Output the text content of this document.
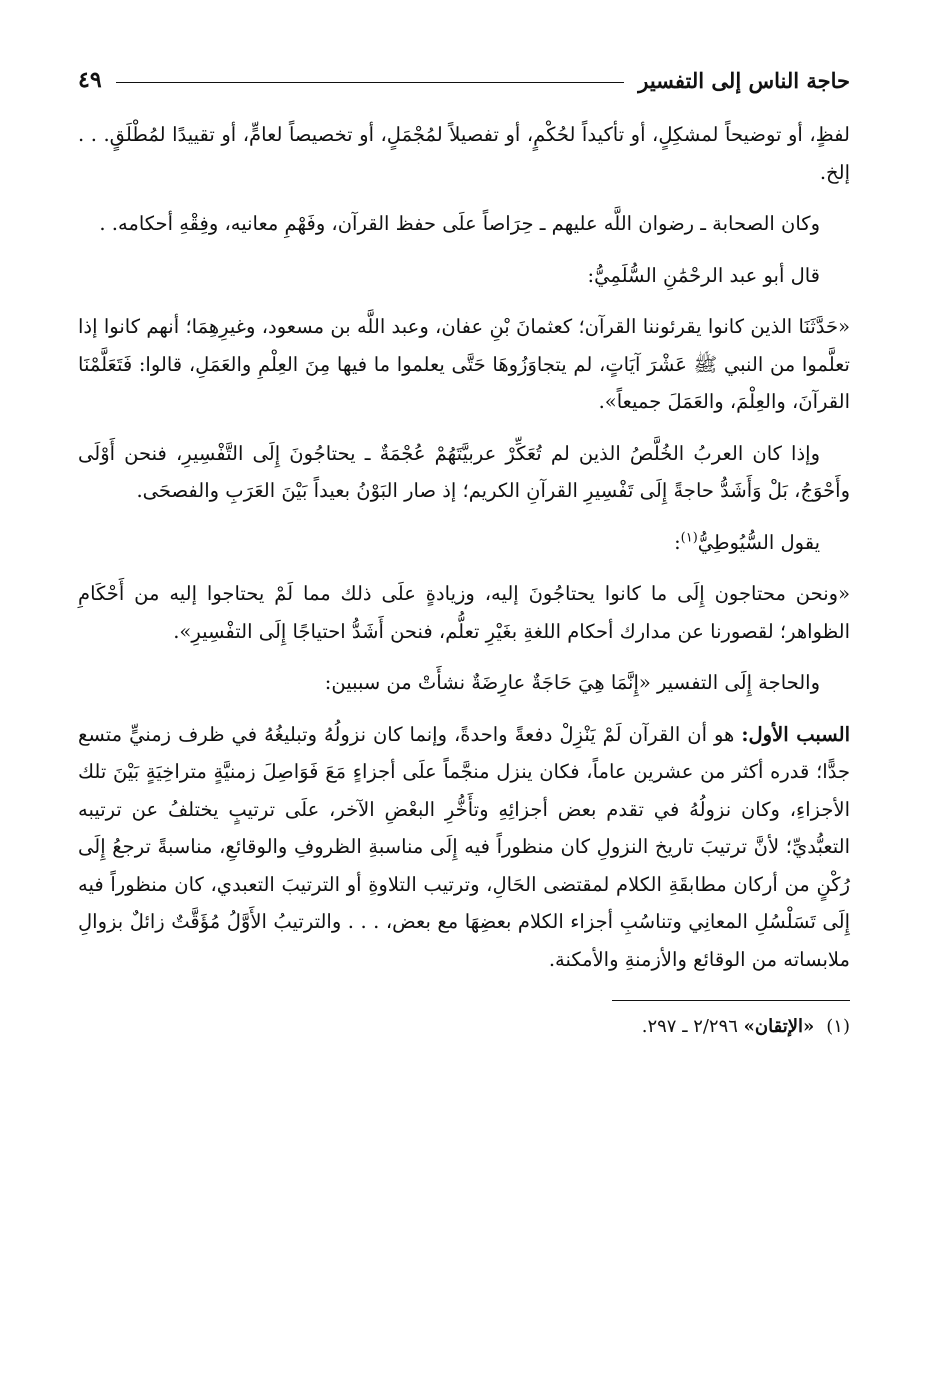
حاجة الناس إلى التفسير
٤٩

لفظٍ، أو توضيحاً لمشكِلٍ، أو تأكيداً لحُكْمٍ، أو تفصيلاً لمُجْمَلٍ، أو تخصيصاً لعامٍّ، أو تقييدًا لمُطْلَقٍ. . . إلخ.

وكان الصحابة ـ رضوان اللَّه عليهم ـ حِرَاصاً علَى حفظ القرآن، وفَهْمِ معانيه، وفِقْهِ أحكامه. .

قال أبو عبد الرحْمَٰنِ السُّلَمِيُّ:

«حَدَّثَنَا الذين كانوا يقرئوننا القرآن؛ كعثمانَ بْنِ عفان، وعبد اللَّه بن مسعود، وغيرِهِمَا؛ أنهم كانوا إذا تعلَّموا من النبي ﷺ عَشْرَ آيَاتٍ، لم يتجاوَزُوهَا حَتَّى يعلموا ما فيها مِنَ العِلْمِ والعَمَلِ، قالوا: فَتَعَلَّمْنَا القرآنَ، والعِلْمَ، والعَمَلَ جميعاً».

وإذا كان العربُ الخُلَّصُ الذين لم تُعَكِّرْ عربيَّتَهُمْ عُجْمَةٌ ـ يحتاجُونَ إِلَى التَّفْسِيرِ، فنحن أَوْلَى وأَحْوَجُ، بَلْ وَأَشَدُّ حاجةً إِلَى تَفْسِيرِ القرآنِ الكريم؛ إذ صار البَوْنُ بعيداً بَيْنَ العَرَبِ والفصحَى.

يقول السُّيُوطِيُّ$^{(١)}$:

«ونحن محتاجون إِلَى ما كانوا يحتاجُونَ إليه، وزيادةٍ علَى ذلك مما لَمْ يحتاجوا إليه من أَحْكَامِ الظواهر؛ لقصورنا عن مدارك أحكام اللغةِ بغَيْرِ تعلُّم، فنحن أَشَدُّ احتياجًا إِلَى التفْسِيرِ».

والحاجة إِلَى التفسير «إِنَّمَا هِيَ حَاجَةٌ عارِضَةٌ نشأَتْ من سببين:

السبب الأول: هو أن القرآن لَمْ يَنْزِلْ دفعةً واحدةً، وإنما كان نزولُهُ وتبليغُهُ في ظرف زمنيٍّ متسع جدًّا؛ قدره أكثر من عشرين عاماً، فكان ينزل منجَّماً علَى أجزاءٍ مَعَ فَوَاصِلَ زمنيَّةٍ متراخِيَةٍ بَيْنَ تلك الأجزاءِ، وكان نزولُهُ في تقدم بعض أجزائِهِ وتأَخُّرِ البعْضِ الآخر، علَى ترتيبٍ يختلفُ عن ترتيبه التعبُّديِّ؛ لأنَّ ترتيبَ تاريخ النزولِ كان منظوراً فيه إِلَى مناسبةِ الظروفِ والوقائعِ، مناسبةً ترجعُ إِلَى رُكْنٍ من أركان مطابقَةِ الكلام لمقتضى الحَالِ، وترتيب التلاوةِ أو الترتيبَ التعبدي، كان منظوراً فيه إِلَى تَسَلْسُلِ المعانِي وتناسُبِ أجزاء الكلام بعضِهَا مع بعض، . . . والترتيبُ الأَوَّلُ مُؤَقَّتٌ زائلٌ بزوالِ ملابساته من الوقائع والأزمنةِ والأمكنة.

(١)«الإتقان» ٢/٢٩٦ ـ ٢٩٧.
